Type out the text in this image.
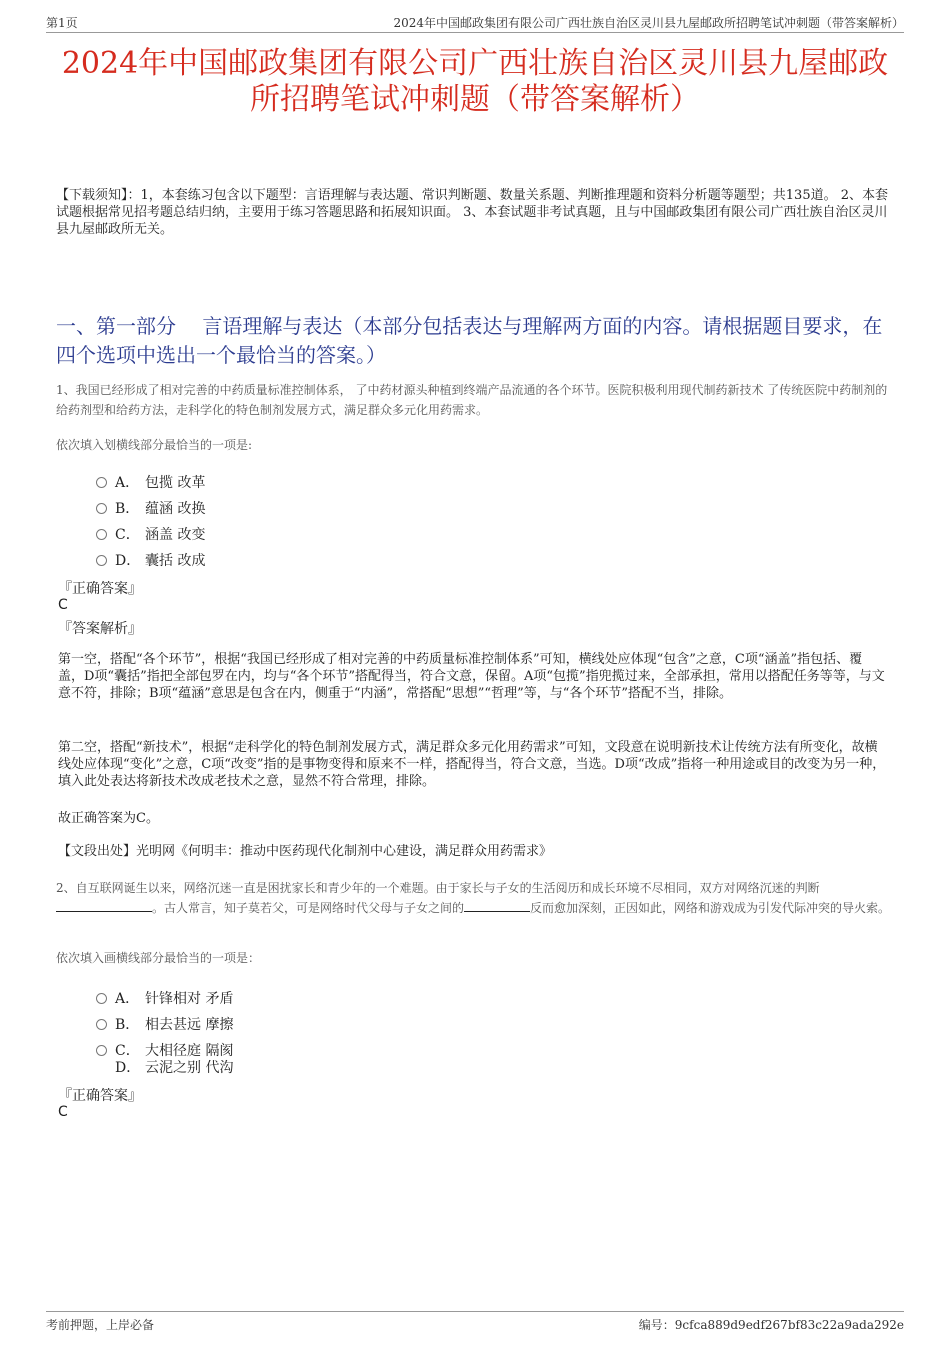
第1页	2024年中国邮政集团有限公司广西壮族自治区灵川县九屋邮政所招聘笔试冲刺题（带答案解析）
2024年中国邮政集团有限公司广西壮族自治区灵川县九屋邮政
所招聘笔试冲刺题（带答案解析）
【下载须知】：1，本套练习包含以下题型：言语理解与表达题、常识判断题、数量关系题、判断推理题和资料分析题等题型；共135道。 2、本套试题根据常见招考题总结归纳，主要用于练习答题思路和拓展知识面。 3、本套试题非考试真题，且与中国邮政集团有限公司广西壮族自治区灵川县九屋邮政所无关。
一、第一部分　 言语理解与表达（本部分包括表达与理解两方面的内容。请根据题目要求，在四个选项中选出一个最恰当的答案。）
1、我国已经形成了相对完善的中药质量标准控制体系， 了中药材源头种植到终端产品流通的各个环节。医院积极利用现代制药新技术 了传统医院中药制剂的给药剂型和给药方法，走科学化的特色制剂发展方式，满足群众多元化用药需求。
依次填入划横线部分最恰当的一项是:
A． 包揽 改革
B． 蕴涵 改换
C． 涵盖 改变
D． 囊括 改成
『正确答案』
C
『答案解析』
第一空，搭配“各个环节”，根据“我国已经形成了相对完善的中药质量标准控制体系”可知，横线处应体现“包含”之意，C项“涵盖”指包括、覆盖，D项“囊括”指把全部包罗在内，均与“各个环节”搭配得当，符合文意，保留。A项“包揽”指兜揽过来，全部承担，常用以搭配任务等等，与文意不符，排除；B项“蕴涵”意思是包含在内，侧重于“内涵”，常搭配“思想”“哲理”等，与“各个环节”搭配不当，排除。
第二空，搭配“新技术”，根据“走科学化的特色制剂发展方式，满足群众多元化用药需求”可知，文段意在说明新技术让传统方法有所变化，故横线处应体现“变化”之意，C项“改变”指的是事物变得和原来不一样，搭配得当，符合文意，当选。D项“改成”指将一种用途或目的改变为另一种，填入此处表达将新技术改成老技术之意，显然不符合常理，排除。
故正确答案为C。
【文段出处】光明网《何明丰：推动中医药现代化制剂中心建设，满足群众用药需求》
2、自互联网诞生以来，网络沉迷一直是困扰家长和青少年的一个难题。由于家长与子女的生活阅历和成长环境不尽相同，双方对网络沉迷的判断。古人常言，知子莫若父，可是网络时代父母与子女之间的	反而愈加深刻，正因如此，网络和游戏成为引发代际冲突的导火索。
依次填入画横线部分最恰当的一项是：
A． 针锋相对 矛盾
B． 相去甚远 摩擦
C． 大相径庭 隔阂
D． 云泥之别 代沟
『正确答案』
C
考前押题，上岸必备	编号：9cfca889d9edf267bf83c22a9ada292e
